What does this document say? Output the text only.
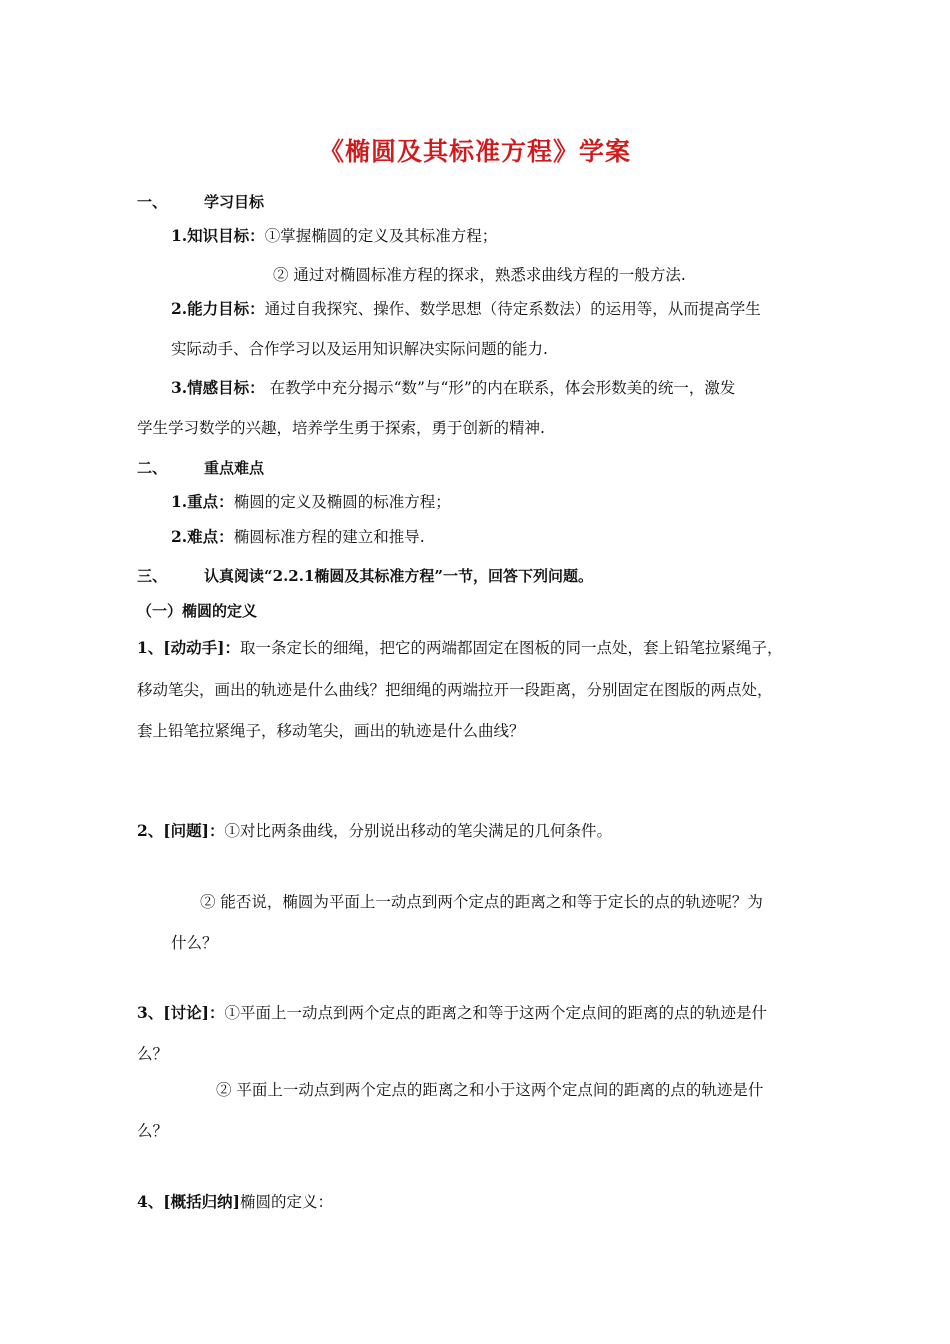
《椭圆及其标准方程》学案
一、 学习目标
1.知识目标：①掌握椭圆的定义及其标准方程；
② 通过对椭圆标准方程的探求，熟悉求曲线方程的一般方法.
2.能力目标：通过自我探究、操作、数学思想（待定系数法）的运用等，从而提高学生
实际动手、合作学习以及运用知识解决实际问题的能力.
3.情感目标： 在教学中充分揭示“数”与“形”的内在联系，体会形数美的统一，激发
学生学习数学的兴趣，培养学生勇于探索，勇于创新的精神.
二、 重点难点
1.重点：椭圆的定义及椭圆的标准方程；
2.难点：椭圆标准方程的建立和推导.
三、 认真阅读“2.2.1椭圆及其标准方程”一节，回答下列问题。
（一）椭圆的定义
1、[动动手]：取一条定长的细绳，把它的两端都固定在图板的同一点处，套上铅笔拉紧绳子，
移动笔尖，画出的轨迹是什么曲线？把细绳的两端拉开一段距离，分别固定在图版的两点处，
套上铅笔拉紧绳子，移动笔尖，画出的轨迹是什么曲线？
2、[问题]：①对比两条曲线，分别说出移动的笔尖满足的几何条件。
② 能否说，椭圆为平面上一动点到两个定点的距离之和等于定长的点的轨迹呢？为
什么？
3、[讨论]：①平面上一动点到两个定点的距离之和等于这两个定点间的距离的点的轨迹是什
么？
② 平面上一动点到两个定点的距离之和小于这两个定点间的距离的点的轨迹是什
么？
4、[概括归纳]椭圆的定义：
